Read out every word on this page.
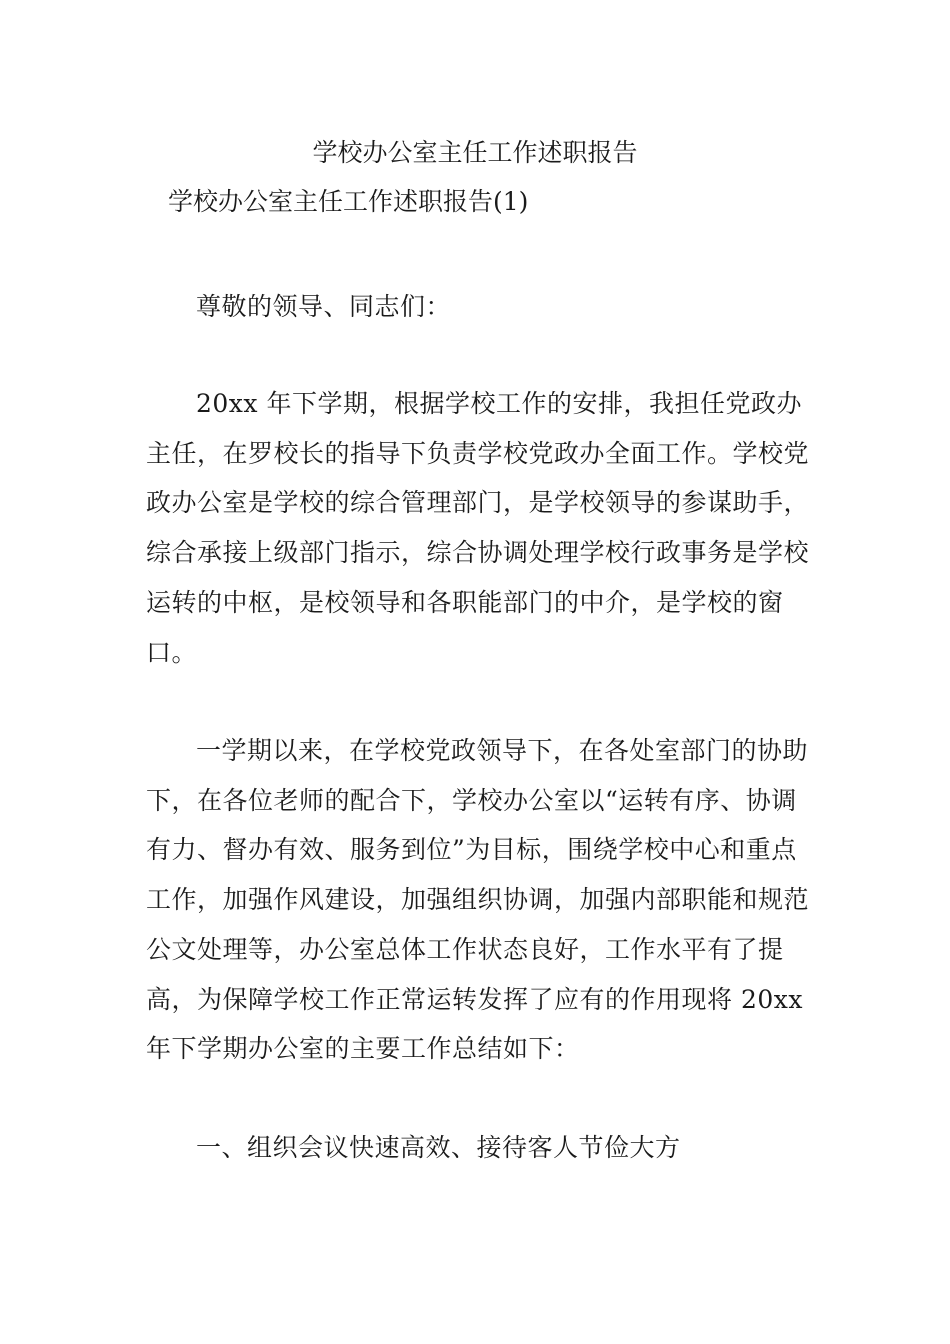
学校办公室主任工作述职报告
学校办公室主任工作述职报告(1)

尊敬的领导、同志们：

20xx 年下学期，根据学校工作的安排，我担任党政办主任，在罗校长的指导下负责学校党政办全面工作。学校党政办公室是学校的综合管理部门，是学校领导的参谋助手，综合承接上级部门指示，综合协调处理学校行政事务是学校运转的中枢，是校领导和各职能部门的中介，是学校的窗口。

一学期以来，在学校党政领导下，在各处室部门的协助下，在各位老师的配合下，学校办公室以“运转有序、协调有力、督办有效、服务到位”为目标，围绕学校中心和重点工作，加强作风建设，加强组织协调，加强内部职能和规范公文处理等，办公室总体工作状态良好，工作水平有了提高，为保障学校工作正常运转发挥了应有的作用现将 20xx 年下学期办公室的主要工作总结如下：

一、组织会议快速高效、接待客人节俭大方
